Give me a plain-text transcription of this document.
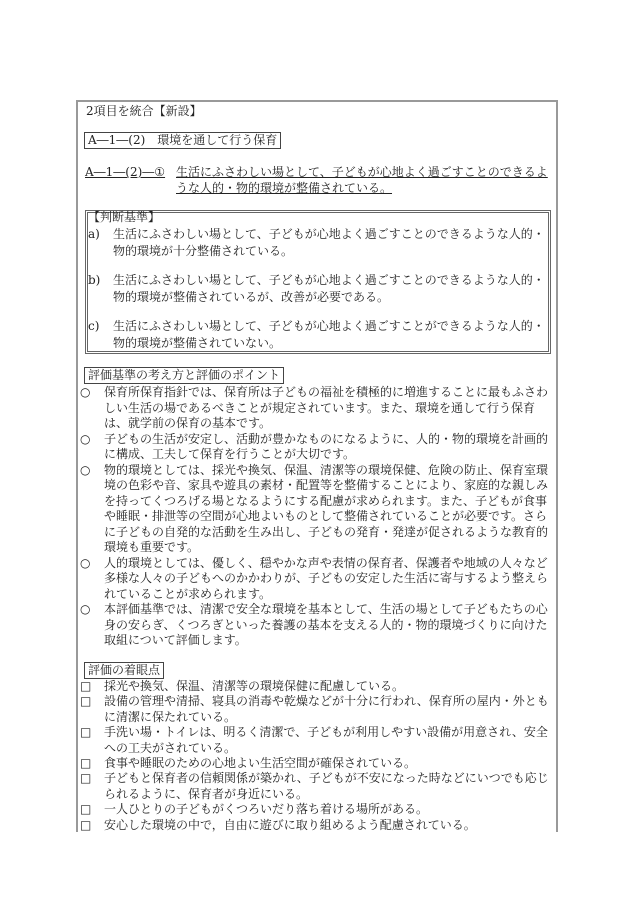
2項目を統合【新設】
A―1―(2)　環境を通して行う保育
A―1―(2)―① 生活にふさわしい場として、子どもが心地よく過ごすことのできるよ
うな人的・物的環境が整備されている。
【判断基準】
a) 生活にふさわしい場として、子どもが心地よく過ごすことのできるような人的・
物的環境が十分整備されている。
b) 生活にふさわしい場として、子どもが心地よく過ごすことのできるような人的・
物的環境が整備されているが、改善が必要である。
c) 生活にふさわしい場として、子どもが心地よく過ごすことができるような人的・
物的環境が整備されていない。
評価基準の考え方と評価のポイント
○ 保育所保育指針では、保育所は子どもの福祉を積極的に増進することに最もふさわ
しい生活の場であるべきことが規定されています。また、環境を通して行う保育
は、就学前の保育の基本です。
○ 子どもの生活が安定し、活動が豊かなものになるように、人的・物的環境を計画的
に構成、工夫して保育を行うことが大切です。
○ 物的環境としては、採光や換気、保温、清潔等の環境保健、危険の防止、保育室環
境の色彩や音、家具や遊具の素材・配置等を整備することにより、家庭的な親しみ
を持ってくつろげる場となるようにする配慮が求められます。また、子どもが食事
や睡眠・排泄等の空間が心地よいものとして整備されていることが必要です。さら
に子どもの自発的な活動を生み出し、子どもの発育・発達が促されるような教育的
環境も重要です。
○ 人的環境としては、優しく、穏やかな声や表情の保育者、保護者や地域の人々など
多様な人々の子どもへのかかわりが、子どもの安定した生活に寄与するよう整えら
れていることが求められます。
○ 本評価基準では、清潔で安全な環境を基本として、生活の場として子どもたちの心
身の安らぎ、くつろぎといった養護の基本を支える人的・物的環境づくりに向けた
取組について評価します。
評価の着眼点
□ 採光や換気、保温、清潔等の環境保健に配慮している。
□ 設備の管理や清掃、寝具の消毒や乾燥などが十分に行われ、保育所の屋内・外とも
に清潔に保たれている。
□ 手洗い場・トイレは、明るく清潔で、子どもが利用しやすい設備が用意され、安全
への工夫がされている。
□ 食事や睡眠のための心地よい生活空間が確保されている。
□ 子どもと保育者の信頼関係が築かれ、子どもが不安になった時などにいつでも応じ
られるように、保育者が身近にいる。
□ 一人ひとりの子どもがくつろいだり落ち着ける場所がある。
□ 安心した環境の中で，自由に遊びに取り組めるよう配慮されている。
